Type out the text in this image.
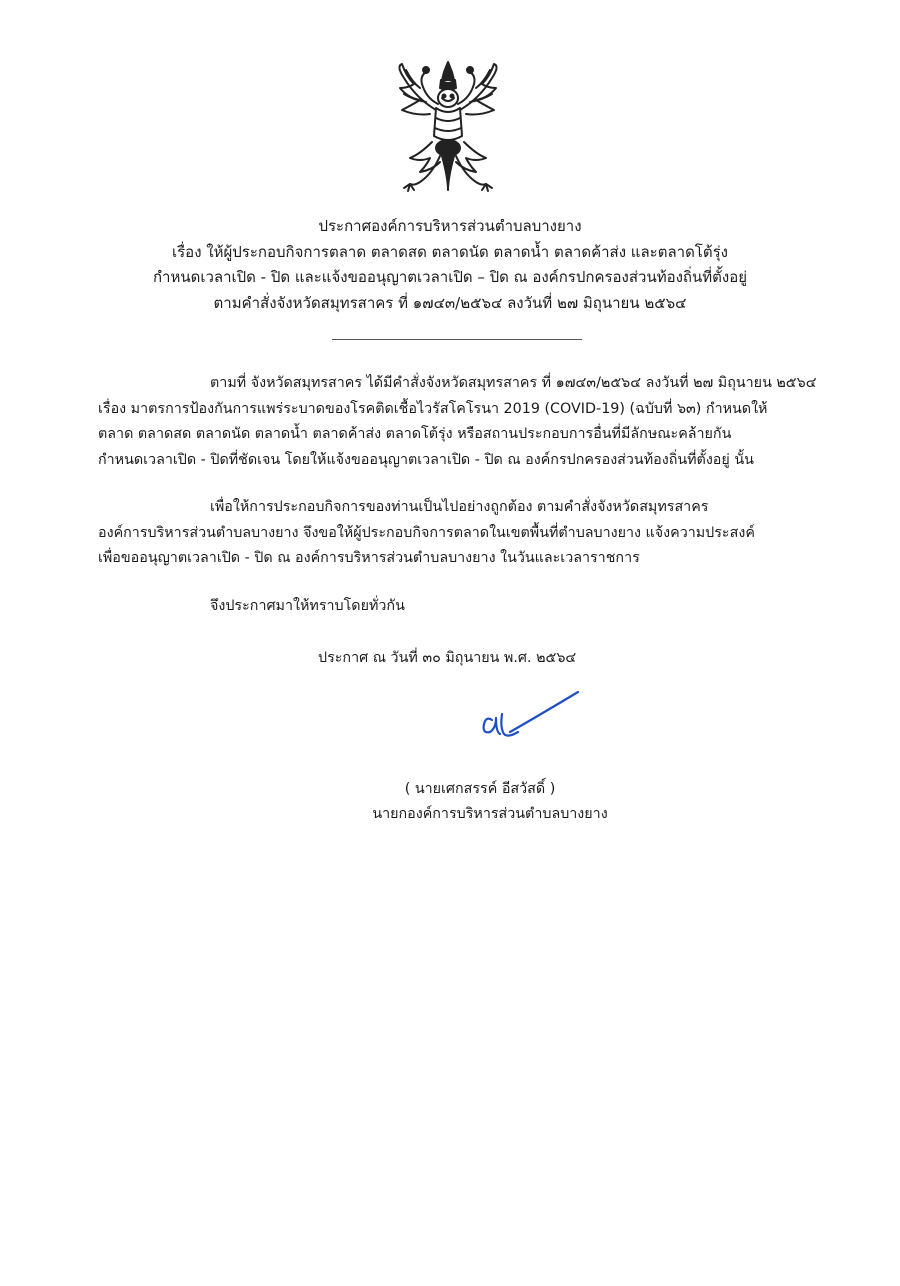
ประกาศองค์การบริหารส่วนตำบลบางยาง
เรื่อง ให้ผู้ประกอบกิจการตลาด ตลาดสด ตลาดนัด ตลาดน้ำ ตลาดค้าส่ง และตลาดโต้รุ่ง
กำหนดเวลาเปิด - ปิด และแจ้งขออนุญาตเวลาเปิด – ปิด ณ องค์กรปกครองส่วนท้องถิ่นที่ตั้งอยู่
ตามคำสั่งจังหวัดสมุทรสาคร ที่ ๑๗๔๓/๒๕๖๔ ลงวันที่ ๒๗ มิถุนายน ๒๕๖๔
ตามที่ จังหวัดสมุทรสาคร ได้มีคำสั่งจังหวัดสมุทรสาคร ที่ ๑๗๔๓/๒๕๖๔ ลงวันที่ ๒๗ มิถุนายน ๒๕๖๔
เรื่อง มาตรการป้องกันการแพร่ระบาดของโรคติดเชื้อไวรัสโคโรนา 2019 (COVID-19) (ฉบับที่ ๖๓) กำหนดให้
ตลาด ตลาดสด ตลาดนัด ตลาดน้ำ ตลาดค้าส่ง ตลาดโต้รุ่ง หรือสถานประกอบการอื่นที่มีลักษณะคล้ายกัน
กำหนดเวลาเปิด - ปิดที่ชัดเจน โดยให้แจ้งขออนุญาตเวลาเปิด - ปิด ณ องค์กรปกครองส่วนท้องถิ่นที่ตั้งอยู่ นั้น
เพื่อให้การประกอบกิจการของท่านเป็นไปอย่างถูกต้อง ตามคำสั่งจังหวัดสมุทรสาคร
องค์การบริหารส่วนตำบลบางยาง จึงขอให้ผู้ประกอบกิจการตลาดในเขตพื้นที่ตำบลบางยาง แจ้งความประสงค์
เพื่อขออนุญาตเวลาเปิด - ปิด ณ องค์การบริหารส่วนตำบลบางยาง ในวันและเวลาราชการ
จึงประกาศมาให้ทราบโดยทั่วกัน
ประกาศ ณ วันที่ ๓๐ มิถุนายน พ.ศ. ๒๕๖๔
( นายเศกสรรค์ อีสวัสดิ์ )
นายกองค์การบริหารส่วนตำบลบางยาง
